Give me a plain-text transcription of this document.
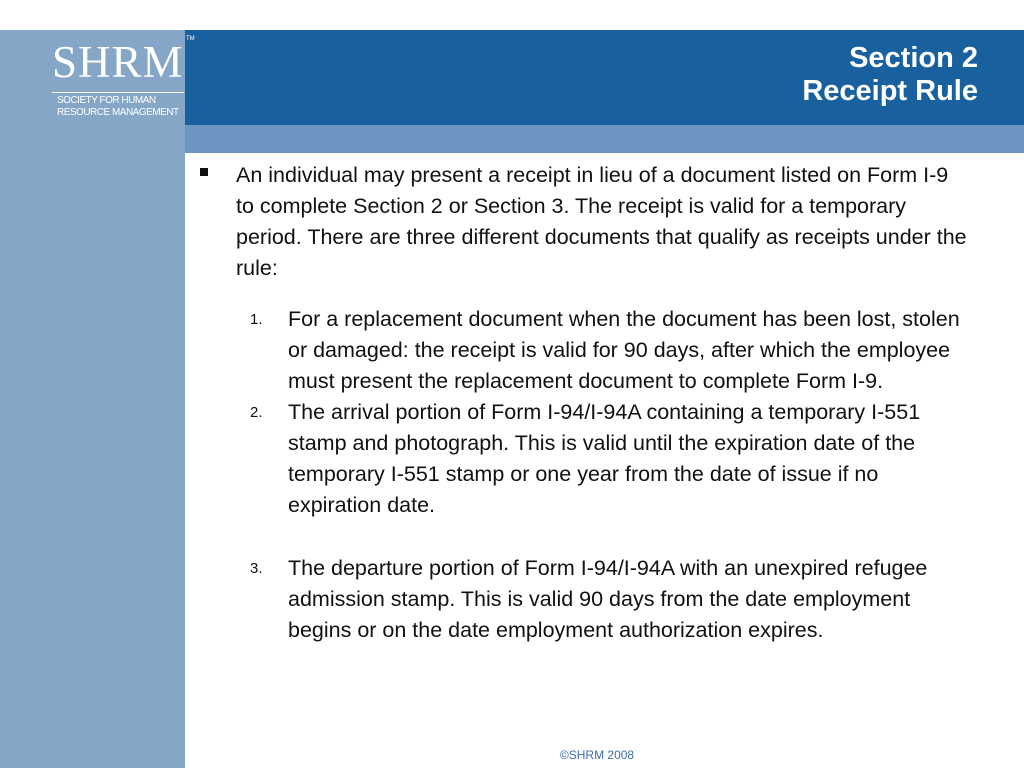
SHRM TM
SOCIETY FOR HUMAN
RESOURCE MANAGEMENT
Section 2
Receipt Rule
An individual may present a receipt in lieu of a document listed on Form I-9 to complete Section 2 or Section 3. The receipt is valid for a temporary period. There are three different documents that qualify as receipts under the rule:
1. For a replacement document when the document has been lost, stolen or damaged: the receipt is valid for 90 days, after which the employee must present the replacement document to complete Form I-9.
2. The arrival portion of Form I-94/I-94A containing a temporary I-551 stamp and photograph. This is valid until the expiration date of the temporary I-551 stamp or one year from the date of issue if no expiration date.
3. The departure portion of Form I-94/I-94A with an unexpired refugee admission stamp. This is valid 90 days from the date employment begins or on the date employment authorization expires.
©SHRM 2008
